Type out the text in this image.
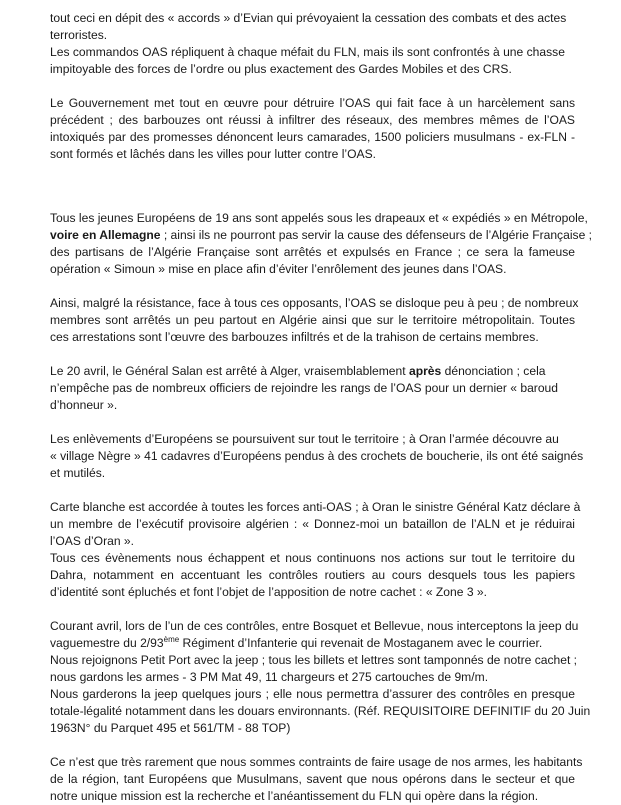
tout ceci en dépit des « accords » d’Evian qui prévoyaient la cessation des combats et des actes
terroristes.
Les commandos OAS répliquent à chaque méfait du FLN, mais ils sont confrontés à une chasse
impitoyable des forces de l’ordre ou plus exactement des Gardes Mobiles et des CRS.
Le Gouvernement met tout en œuvre pour détruire l’OAS qui fait face à un harcèlement sans
précédent ; des barbouzes ont réussi à infiltrer des réseaux, des membres mêmes de l’OAS
intoxiqués par des promesses dénoncent leurs camarades, 1500 policiers musulmans - ex-FLN -
sont formés et lâchés dans les villes pour lutter contre l’OAS.
Tous les jeunes Européens de 19 ans sont appelés sous les drapeaux et « expédiés » en Métropole,
voire en Allemagne ; ainsi ils ne pourront pas servir la cause des défenseurs de l’Algérie Française ;
des partisans de l’Algérie Française sont arrêtés et expulsés en France ; ce sera la fameuse
opération « Simoun » mise en place afin d’éviter l’enrôlement des jeunes dans l’OAS.
Ainsi, malgré la résistance, face à tous ces opposants, l’OAS se disloque peu à peu ; de nombreux
membres sont arrêtés un peu partout en Algérie ainsi que sur le territoire métropolitain. Toutes
ces arrestations sont l’œuvre des barbouzes infiltrés et de la trahison de certains membres.
Le 20 avril, le Général Salan est arrêté à Alger, vraisemblablement après dénonciation ; cela
n’empêche pas de nombreux officiers de rejoindre les rangs de l’OAS pour un dernier « baroud
d’honneur ».
Les enlèvements d’Européens se poursuivent sur tout le territoire ; à Oran l’armée découvre au
« village Nègre » 41 cadavres d’Européens pendus à des crochets de boucherie, ils ont été saignés
et mutilés.
Carte blanche est accordée à toutes les forces anti-OAS ; à Oran le sinistre Général Katz déclare à
un membre de l’exécutif provisoire algérien : « Donnez-moi un bataillon de l’ALN et je réduirai
l’OAS d’Oran ».
Tous ces évènements nous échappent et nous continuons nos actions sur tout le territoire du
Dahra, notamment en accentuant les contrôles routiers au cours desquels tous les papiers
d’identité sont épluchés et font l’objet de l’apposition de notre cachet : « Zone 3 ».
Courant avril, lors de l’un de ces contrôles, entre Bosquet et Bellevue, nous interceptons la jeep du
vaguemestre du 2/93ème Régiment d’Infanterie qui revenait de Mostaganem avec le courrier.
Nous rejoignons Petit Port avec la jeep ; tous les billets et lettres sont tamponnés de notre cachet ;
nous gardons les armes - 3 PM Mat 49, 11 chargeurs et 275 cartouches de 9m/m.
Nous garderons la jeep quelques jours ; elle nous permettra d’assurer des contrôles en presque
totale-légalité notamment dans les douars environnants. (Réf. REQUISITOIRE DEFINITIF du 20 Juin
1963N° du Parquet 495 et 561/TM - 88 TOP)
Ce n’est que très rarement que nous sommes contraints de faire usage de nos armes, les habitants
de la région, tant Européens que Musulmans, savent que nous opérons dans le secteur et que
notre unique mission est la recherche et l’anéantissement du FLN qui opère dans la région.
